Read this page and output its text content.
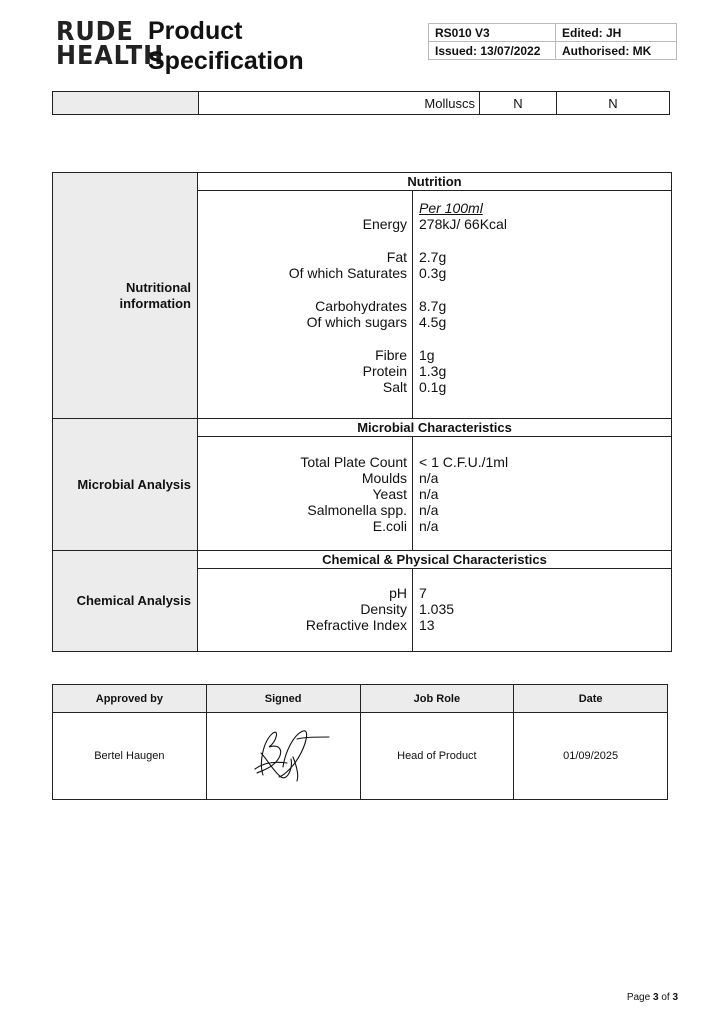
RUDE
HEALTH
Product
Specification
RS010 V3	Edited: JH
Issued: 13/07/2022	Authorised: MK
	Molluscs	N	N
Nutritional
information
Nutrition
Per 100ml
Energy 278kJ/ 66Kcal
Fat 2.7g
Of which Saturates 0.3g
Carbohydrates 8.7g
Of which sugars 4.5g
Fibre 1g
Protein 1.3g
Salt 0.1g
Microbial Analysis
Microbial Characteristics
Total Plate Count < 1 C.F.U./1ml
Moulds n/a
Yeast n/a
Salmonella spp. n/a
E.coli n/a
Chemical Analysis
Chemical & Physical Characteristics
pH 7
Density 1.035
Refractive Index 13
Approved by	Signed	Job Role	Date
Bertel Haugen		Head of Product	01/09/2025
Page 3 of 3
